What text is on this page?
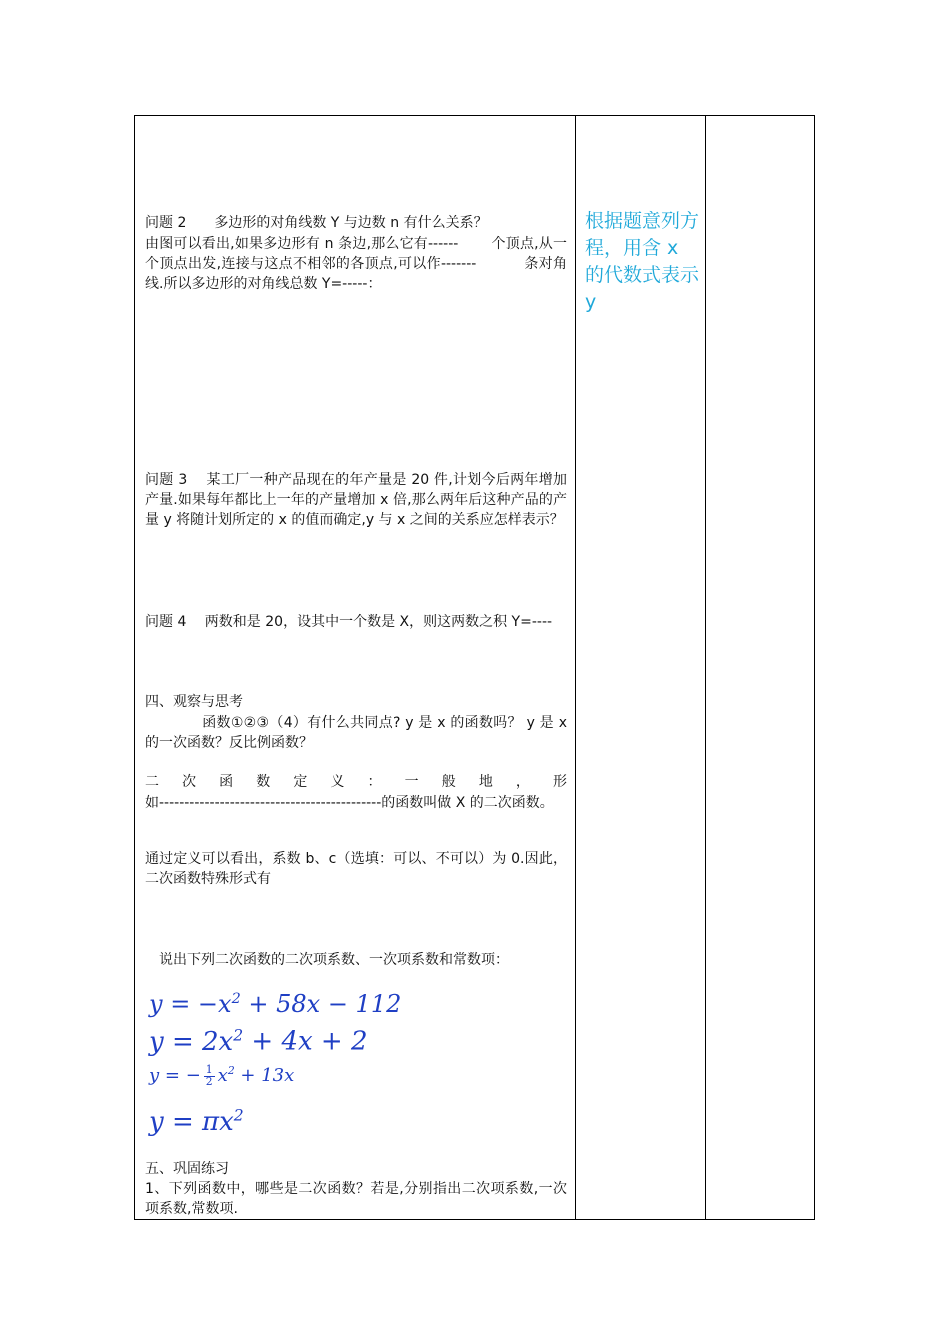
问题 2　　多边形的对角线数 Y 与边数 n 有什么关系？

由图可以看出,如果多边形有 n 条边,那么它有------　　 个顶点,从一个顶点出发,连接与这点不相邻的各顶点,可以作-------　　　 条对角线.所以多边形的对角线总数 Y=-----：

问题 3　 某工厂一种产品现在的年产量是 20 件,计划今后两年增加产量.如果每年都比上一年的产量增加 x 倍,那么两年后这种产品的产量 y 将随计划所定的 x 的值而确定,y 与 x 之间的关系应怎样表示？

问题 4　 两数和是 20，设其中一个数是 X，则这两数之积 Y=----

四、观察与思考

　　　　函数①②③（4）有什么共同点? y 是 x 的函数吗？ y 是 x 的一次函数？反比例函数？

二 次 函 数 定 义 ： 一 般 地 ， 形

如--------------------------------------------的函数叫做 X 的二次函数。

通过定义可以看出，系数 b、c（选填：可以、不可以）为 0.因此，二次函数特殊形式有

　说出下列二次函数的二次项系数、一次项系数和常数项：

$y = -x^2 + 58x - 112$
$y = 2x^2 + 4x + 2$
y = − $\frac{1}{2} x^2 + 13x$
$y = \pi x^2$

五、巩固练习

1、下列函数中，哪些是二次函数？若是,分别指出二次项系数,一次项系数,常数项.

根据题意列方程，用含 x 的代数式表示 y
